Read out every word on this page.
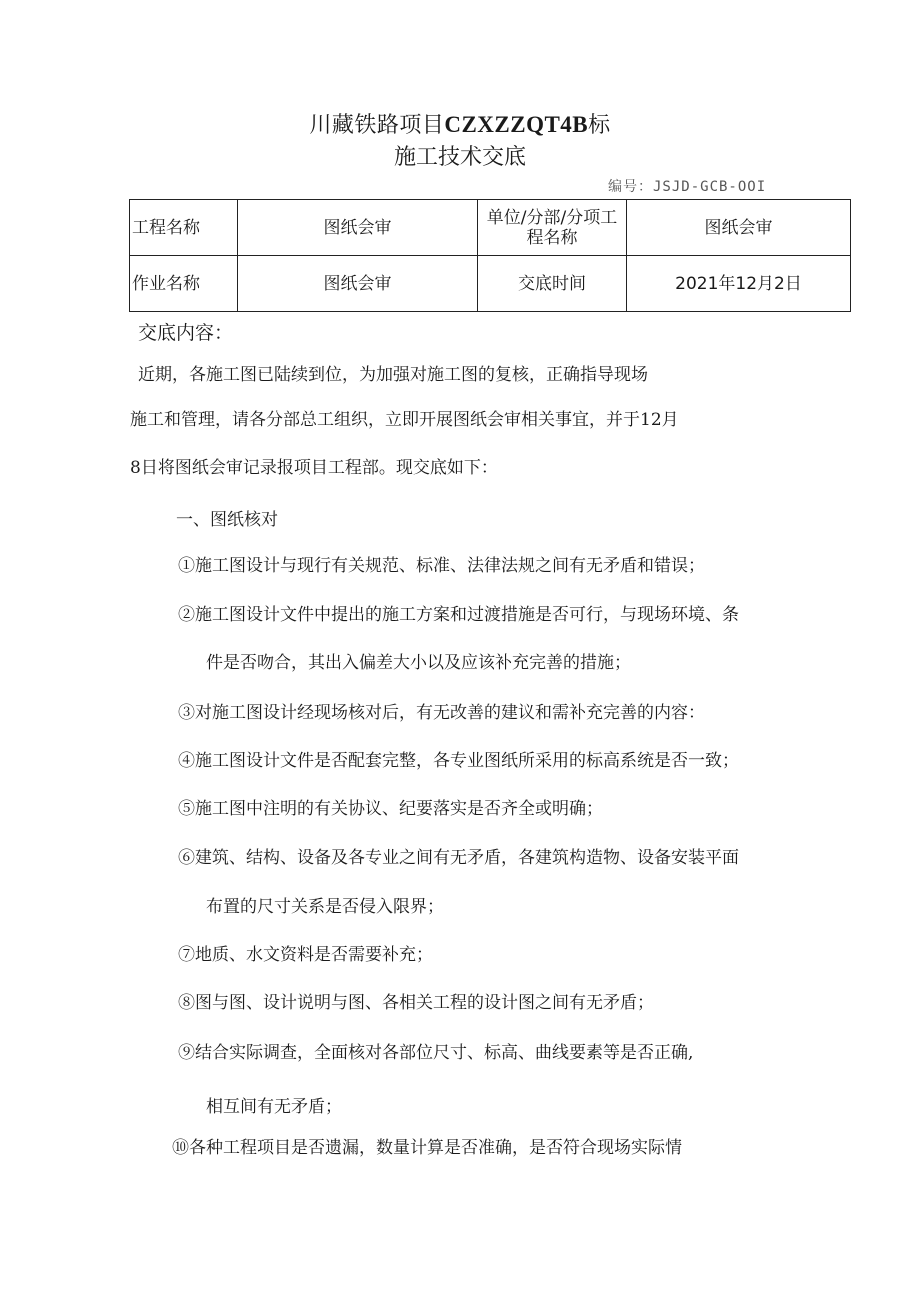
川藏铁路项目CZXZZQT4B标
施工技术交底
编号：JSJD-GCB-OOI
工程名称	图纸会审	单位/分部/分项工程名称	图纸会审
作业名称	图纸会审	交底时间	2021年12月2日
交底内容：
近期，各施工图已陆续到位，为加强对施工图的复核，正确指导现场
施工和管理，请各分部总工组织，立即开展图纸会审相关事宜，并于12月
8日将图纸会审记录报项目工程部。现交底如下：
一、图纸核对
①施工图设计与现行有关规范、标准、法律法规之间有无矛盾和错误；
②施工图设计文件中提出的施工方案和过渡措施是否可行，与现场环境、条
件是否吻合，其出入偏差大小以及应该补充完善的措施；
③对施工图设计经现场核对后，有无改善的建议和需补充完善的内容：
④施工图设计文件是否配套完整，各专业图纸所采用的标高系统是否一致；
⑤施工图中注明的有关协议、纪要落实是否齐全或明确；
⑥建筑、结构、设备及各专业之间有无矛盾，各建筑构造物、设备安装平面
布置的尺寸关系是否侵入限界；
⑦地质、水文资料是否需要补充；
⑧图与图、设计说明与图、各相关工程的设计图之间有无矛盾；
⑨结合实际调查，全面核对各部位尺寸、标高、曲线要素等是否正确,
相互间有无矛盾；
⑩各种工程项目是否遗漏，数量计算是否准确，是否符合现场实际情
